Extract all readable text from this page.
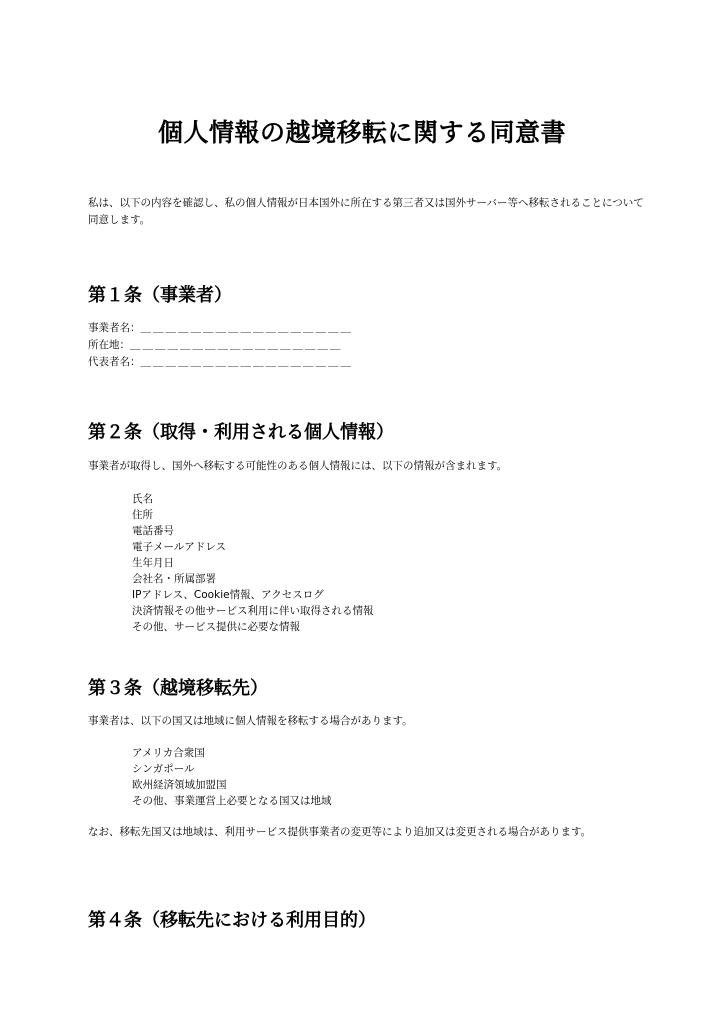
個人情報の越境移転に関する同意書

私は、以下の内容を確認し、私の個人情報が日本国外に所在する第三者又は国外サーバー等へ移転されることについて同意します。

第１条（事業者）
事業者名：＿＿＿＿＿＿＿＿＿＿＿＿＿＿＿＿＿
所在地：＿＿＿＿＿＿＿＿＿＿＿＿＿＿＿＿＿
代表者名：＿＿＿＿＿＿＿＿＿＿＿＿＿＿＿＿＿
第２条（取得・利用される個人情報）

事業者が取得し、国外へ移転する可能性のある個人情報には、以下の情報が含まれます。

氏名
住所
電話番号
電子メールアドレス
生年月日
会社名・所属部署
IPアドレス、Cookie情報、アクセスログ
決済情報その他サービス利用に伴い取得される情報
その他、サービス提供に必要な情報
第３条（越境移転先）

事業者は、以下の国又は地域に個人情報を移転する場合があります。

アメリカ合衆国
シンガポール
欧州経済領域加盟国
その他、事業運営上必要となる国又は地域

なお、移転先国又は地域は、利用サービス提供事業者の変更等により追加又は変更される場合があります。

第４条（移転先における利用目的）
